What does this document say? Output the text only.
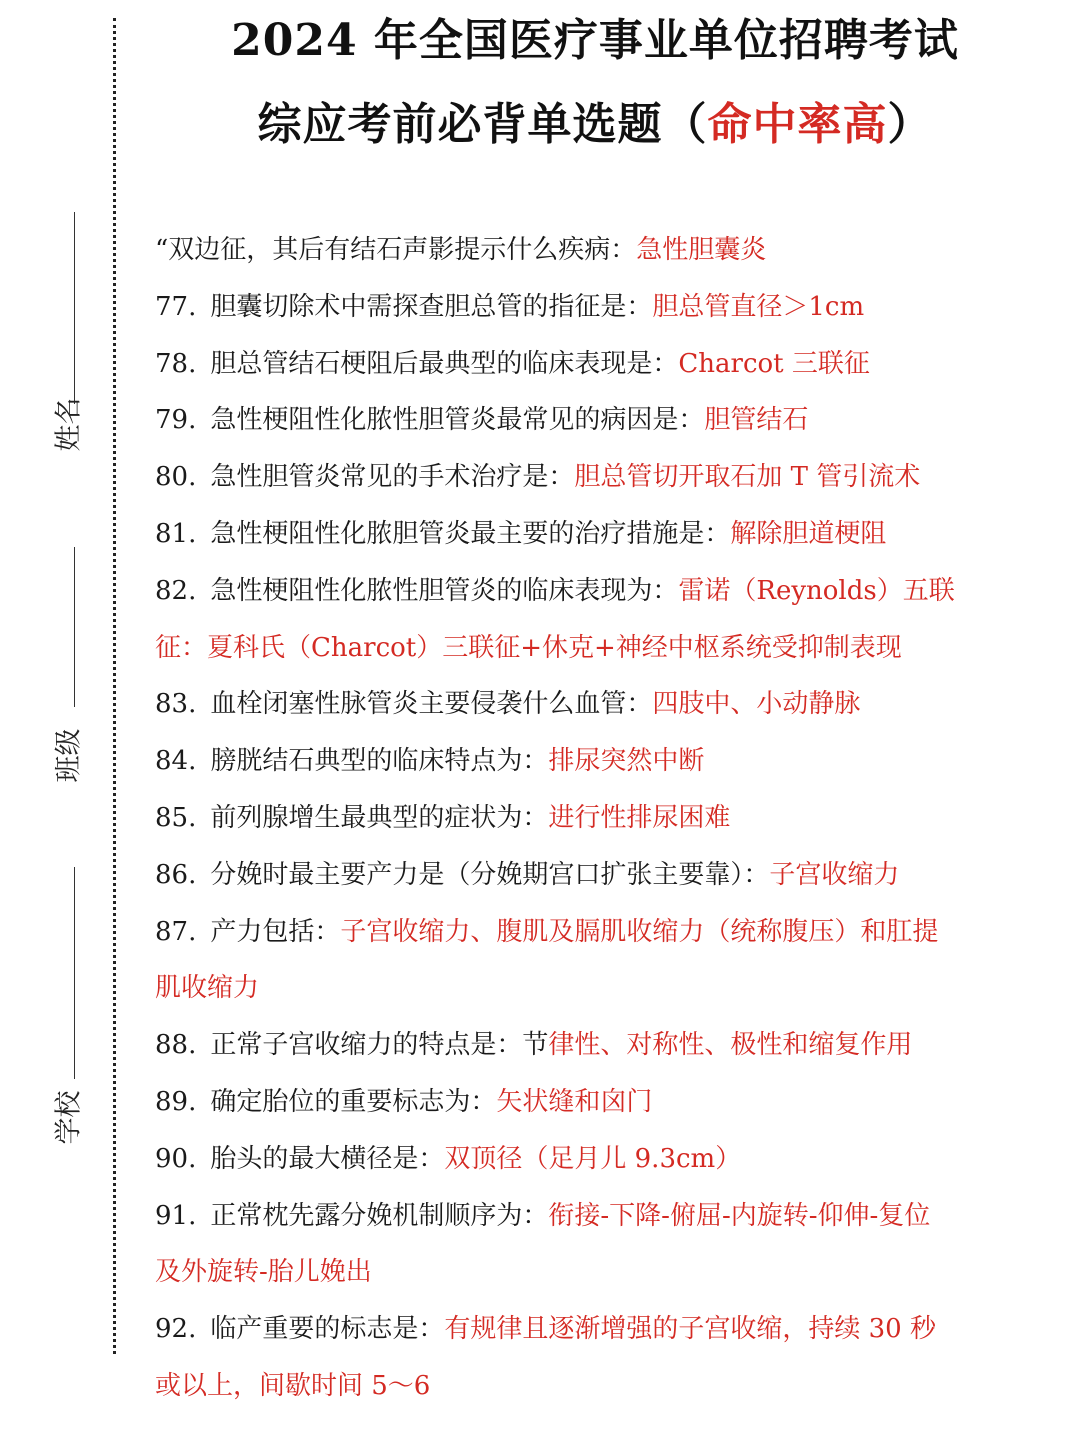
姓名
班级
学校
2024 年全国医疗事业单位招聘考试
综应考前必背单选题（命中率高）
“双边征，其后有结石声影提示什么疾病：急性胆囊炎
77. 胆囊切除术中需探查胆总管的指征是：胆总管直径＞1cm
78. 胆总管结石梗阻后最典型的临床表现是：Charcot 三联征
79. 急性梗阻性化脓性胆管炎最常见的病因是：胆管结石
80. 急性胆管炎常见的手术治疗是：胆总管切开取石加 T 管引流术
81. 急性梗阻性化脓胆管炎最主要的治疗措施是：解除胆道梗阻
82. 急性梗阻性化脓性胆管炎的临床表现为：雷诺（Reynolds）五联
征：夏科氏（Charcot）三联征+休克+神经中枢系统受抑制表现
83. 血栓闭塞性脉管炎主要侵袭什么血管：四肢中、小动静脉
84. 膀胱结石典型的临床特点为：排尿突然中断
85. 前列腺增生最典型的症状为：进行性排尿困难
86. 分娩时最主要产力是（分娩期宫口扩张主要靠）：子宫收缩力
87. 产力包括：子宫收缩力、腹肌及膈肌收缩力（统称腹压）和肛提
肌收缩力
88. 正常子宫收缩力的特点是：节律性、对称性、极性和缩复作用
89. 确定胎位的重要标志为：矢状缝和囟门
90. 胎头的最大横径是：双顶径（足月儿 9.3cm）
91. 正常枕先露分娩机制顺序为：衔接-下降-俯屈-内旋转-仰伸-复位
及外旋转-胎儿娩出
92. 临产重要的标志是：有规律且逐渐增强的子宫收缩，持续 30 秒
或以上，间歇时间 5～6
